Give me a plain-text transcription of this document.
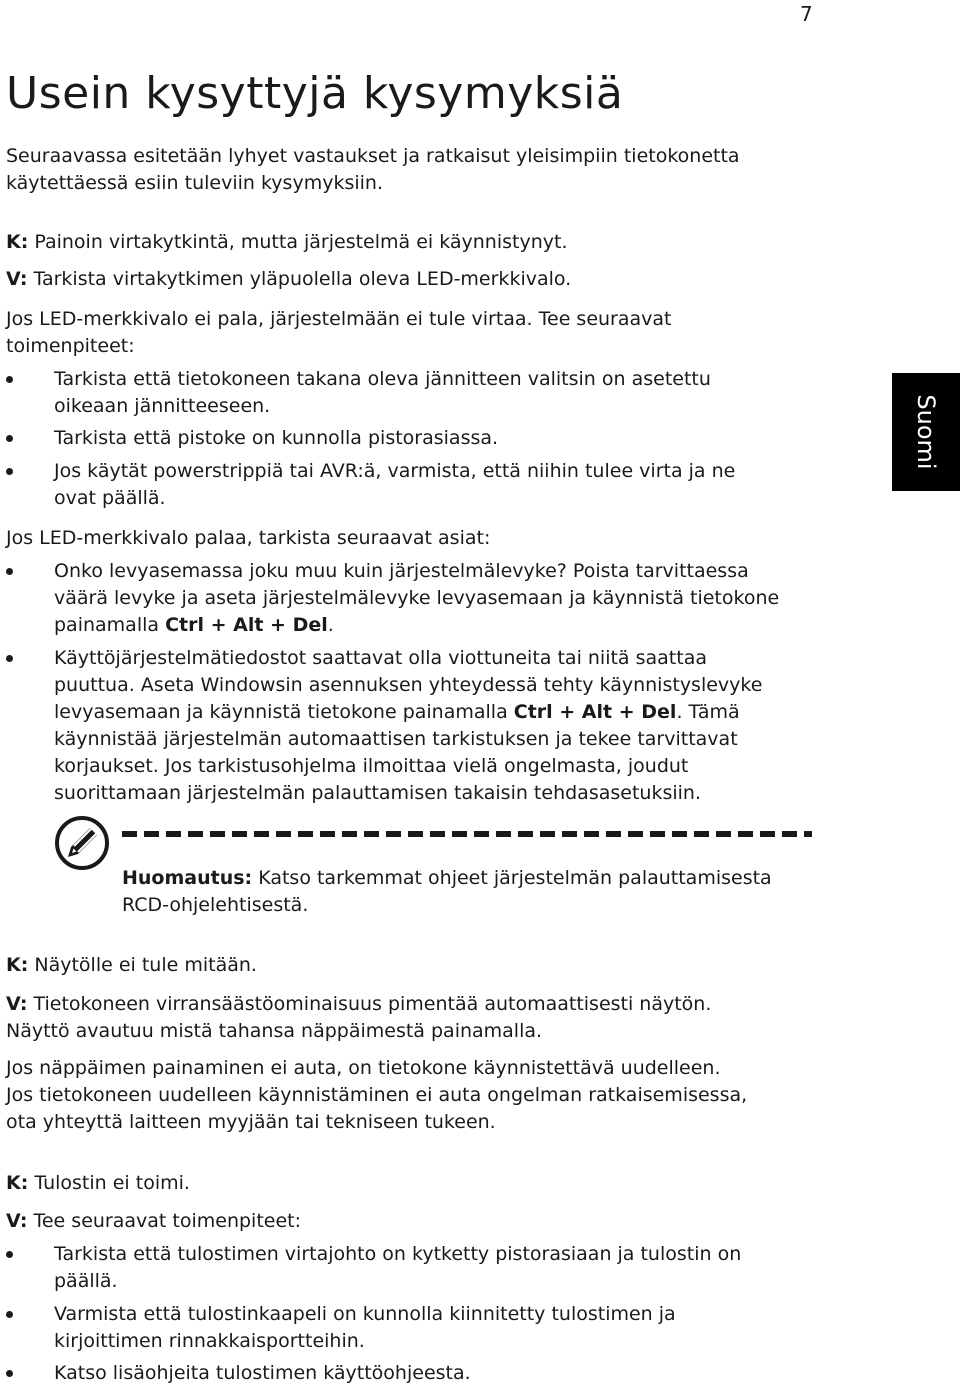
7
Usein kysyttyjä kysymyksiä
Suomi
Seuraavassa esitetään lyhyet vastaukset ja ratkaisut yleisimpiin tietokonetta
käytettäessä esiin tuleviin kysymyksiin.
K: Painoin virtakytkintä, mutta järjestelmä ei käynnistynyt.
V: Tarkista virtakytkimen yläpuolella oleva LED-merkkivalo.
Jos LED-merkkivalo ei pala, järjestelmään ei tule virtaa. Tee seuraavat
toimenpiteet:
Tarkista että tietokoneen takana oleva jännitteen valitsin on asetettu
oikeaan jännitteeseen.
Tarkista että pistoke on kunnolla pistorasiassa.
Jos käytät powerstrippiä tai AVR:ä, varmista, että niihin tulee virta ja ne
ovat päällä.
Jos LED-merkkivalo palaa, tarkista seuraavat asiat:
Onko levyasemassa joku muu kuin järjestelmälevyke? Poista tarvittaessa
väärä levyke ja aseta järjestelmälevyke levyasemaan ja käynnistä tietokone
painamalla Ctrl + Alt + Del.
Käyttöjärjestelmätiedostot saattavat olla viottuneita tai niitä saattaa
puuttua. Aseta Windowsin asennuksen yhteydessä tehty käynnistyslevyke
levyasemaan ja käynnistä tietokone painamalla Ctrl + Alt + Del. Tämä
käynnistää järjestelmän automaattisen tarkistuksen ja tekee tarvittavat
korjaukset. Jos tarkistusohjelma ilmoittaa vielä ongelmasta, joudut
suorittamaan järjestelmän palauttamisen takaisin tehdasasetuksiin.
Huomautus: Katso tarkemmat ohjeet järjestelmän palauttamisesta
RCD-ohjelehtisestä.
K: Näytölle ei tule mitään.
V: Tietokoneen virransäästöominaisuus pimentää automaattisesti näytön.
Näyttö avautuu mistä tahansa näppäimestä painamalla.
Jos näppäimen painaminen ei auta, on tietokone käynnistettävä uudelleen.
Jos tietokoneen uudelleen käynnistäminen ei auta ongelman ratkaisemisessa,
ota yhteyttä laitteen myyjään tai tekniseen tukeen.
K: Tulostin ei toimi.
V: Tee seuraavat toimenpiteet:
Tarkista että tulostimen virtajohto on kytketty pistorasiaan ja tulostin on
päällä.
Varmista että tulostinkaapeli on kunnolla kiinnitetty tulostimen ja
kirjoittimen rinnakkaisportteihin.
Katso lisäohjeita tulostimen käyttöohjeesta.
